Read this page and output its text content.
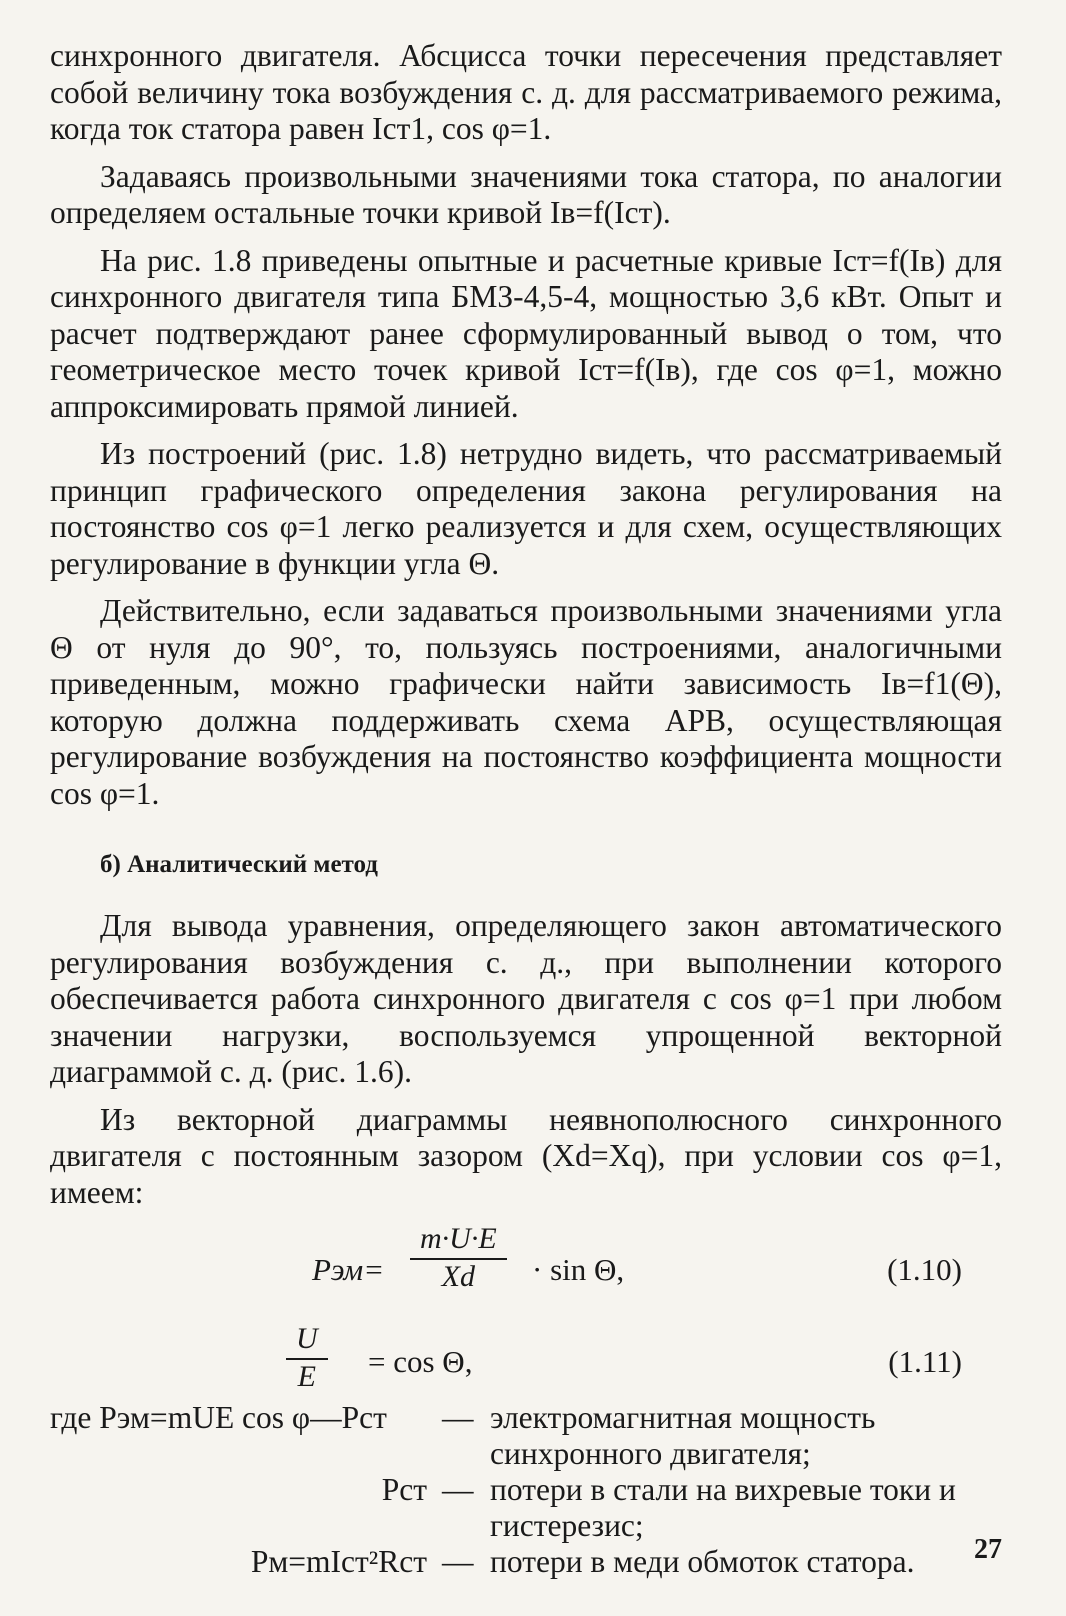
синхронного двигателя. Абсцисса точки пересечения представляет собой величину тока возбуждения с. д. для рассматриваемого режима, когда ток статора равен Iст1, cos φ=1.

Задаваясь произвольными значениями тока статора, по аналогии определяем остальные точки кривой Iв=f(Iст).

На рис. 1.8 приведены опытные и расчетные кривые Iст=f(Iв) для синхронного двигателя типа БМЗ-4,5-4, мощностью 3,6 кВт. Опыт и расчет подтверждают ранее сформулированный вывод о том, что геометрическое место точек кривой Iст=f(Iв), где cos φ=1, можно аппроксимировать прямой линией.

Из построений (рис. 1.8) нетрудно видеть, что рассматриваемый принцип графического определения закона регулирования на постоянство cos φ=1 легко реализуется и для схем, осуществляющих регулирование в функции угла Θ.

Действительно, если задаваться произвольными значениями угла Θ от нуля до 90°, то, пользуясь построениями, аналогичными приведенным, можно графически найти зависимость Iв=f1(Θ), которую должна поддерживать схема АРВ, осуществляющая регулирование возбуждения на постоянство коэффициента мощности cos φ=1.

б) Аналитический метод

Для вывода уравнения, определяющего закон автоматического регулирования возбуждения с. д., при выполнении которого обеспечивается работа синхронного двигателя с cos φ=1 при любом значении нагрузки, воспользуемся упрощенной векторной диаграммой с. д. (рис. 1.6).

Из векторной диаграммы неявнополюсного синхронного двигателя с постоянным зазором (Xd=Xq), при условии cos φ=1, имеем:

Pэм=
m·U·E
Xd · sin Θ,	(1.10)
U
E = cos Θ,	(1.11)
где Pэм=mUE cos φ—Pст — электромагнитная мощность синхронного двигателя;
Pст — потери в стали на вихревые токи и гистерезис;
Pм=mIст²Rст — потери в меди обмоток статора.	27
